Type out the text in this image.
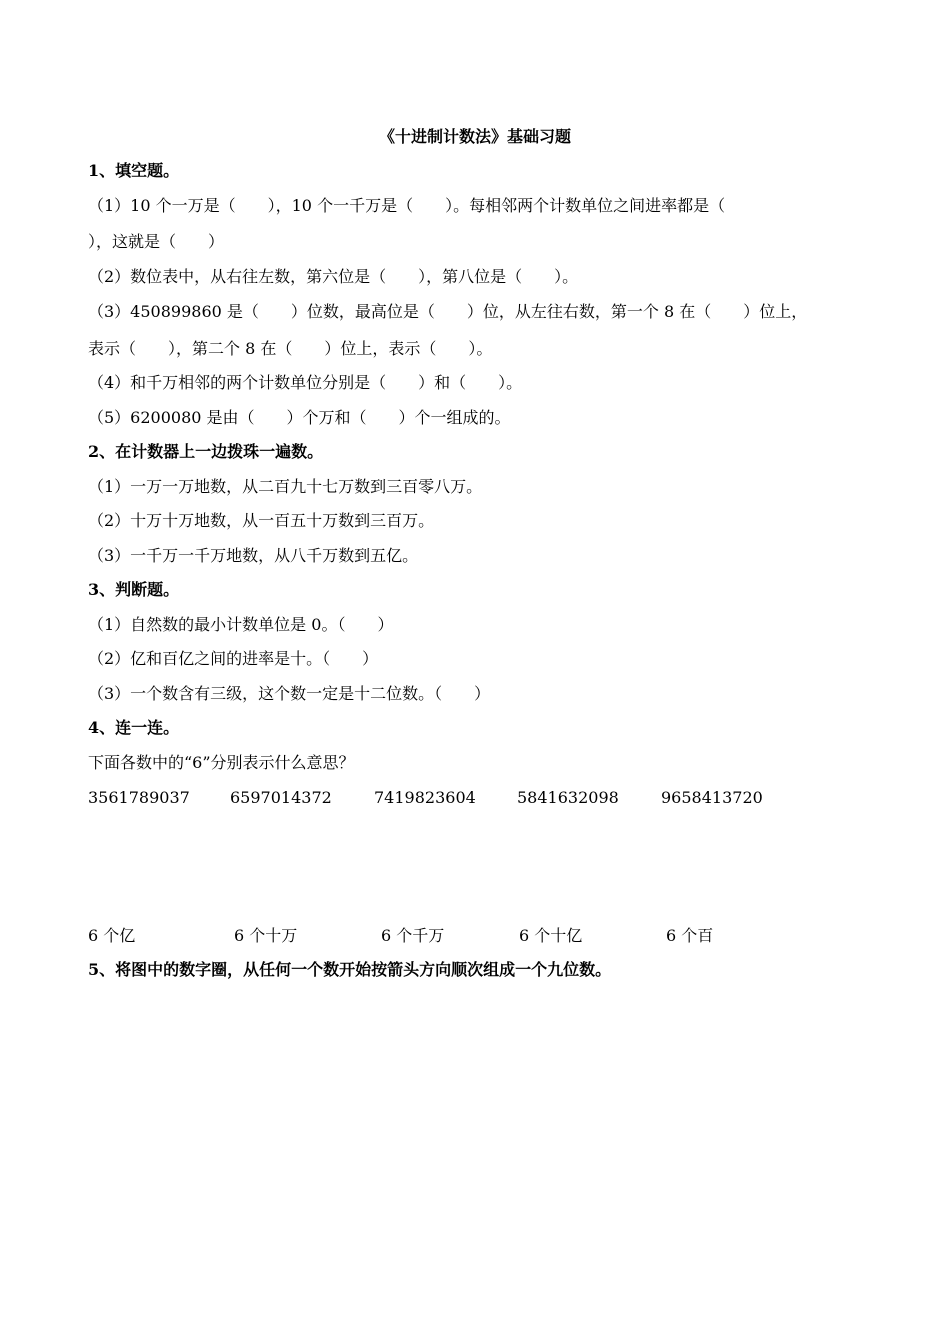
《十进制计数法》基础习题
1、填空题。
（1）10 个一万是（　　），10 个一千万是（　　）。每相邻两个计数单位之间进率都是（
），这就是（　　）
（2）数位表中，从右往左数，第六位是（　　），第八位是（　　）。
（3）450899860 是（　　）位数，最高位是（　　）位，从左往右数，第一个 8 在（　　）位上，
表示（　　），第二个 8 在（　　）位上，表示（　　）。
（4）和千万相邻的两个计数单位分别是（　　）和（　　）。
（5）6200080 是由（　　）个万和（　　）个一组成的。
2、在计数器上一边拨珠一遍数。
（1）一万一万地数，从二百九十七万数到三百零八万。
（2）十万十万地数，从一百五十万数到三百万。
（3）一千万一千万地数，从八千万数到五亿。
3、判断题。
（1）自然数的最小计数单位是 0。（　　）
（2）亿和百亿之间的进率是十。（　　）
（3）一个数含有三级，这个数一定是十二位数。（　　）
4、连一连。
下面各数中的“6”分别表示什么意思？
3561789037	6597014372	7419823604	5841632098	9658413720
6 个亿	6 个十万	6 个千万	6 个十亿	6 个百
5、将图中的数字圈，从任何一个数开始按箭头方向顺次组成一个九位数。
